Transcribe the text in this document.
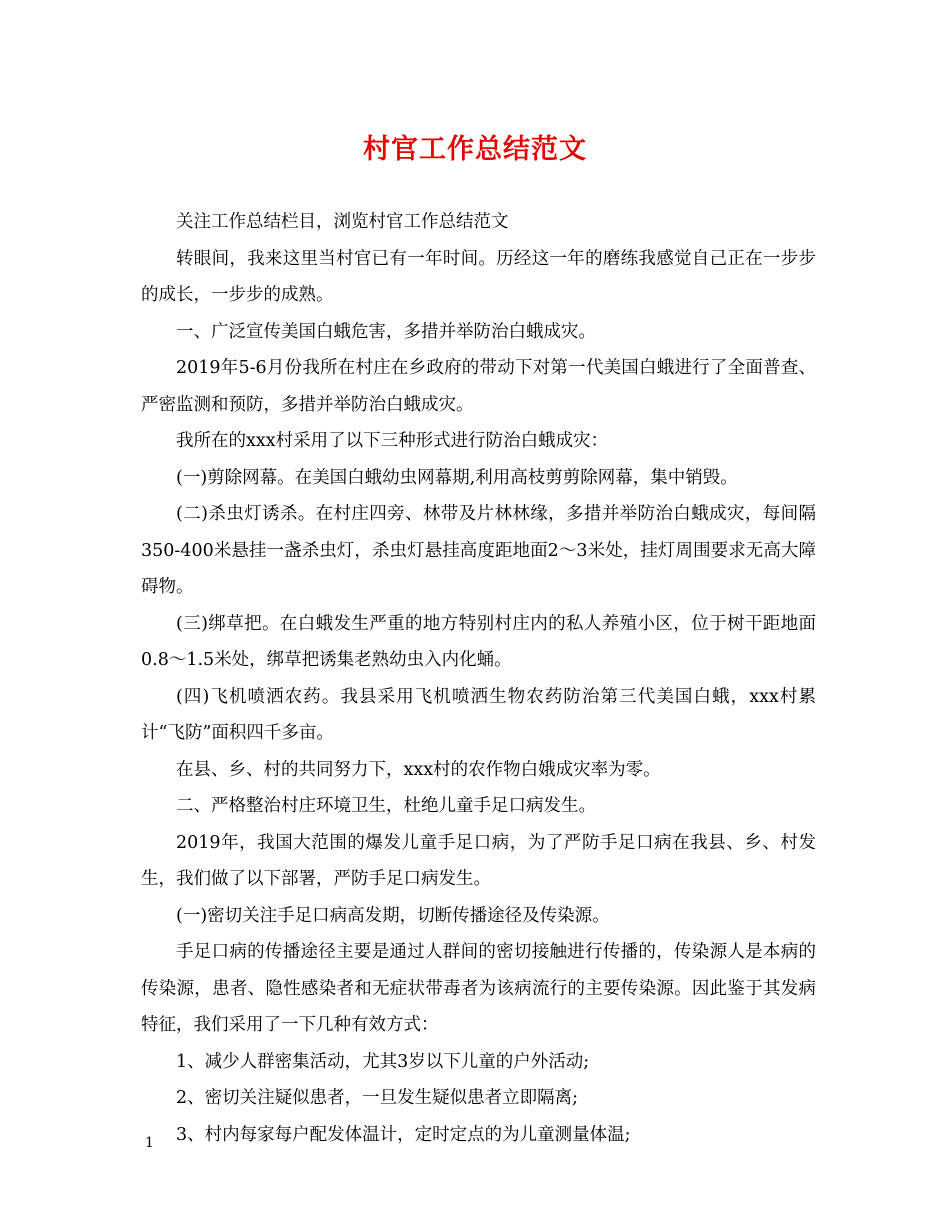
村官工作总结范文

关注工作总结栏目，浏览村官工作总结范文

转眼间，我来这里当村官已有一年时间。历经这一年的磨练我感觉自己正在一步步的成长，一步步的成熟。

一、广泛宣传美国白蛾危害，多措并举防治白蛾成灾。

2019年5-6月份我所在村庄在乡政府的带动下对第一代美国白蛾进行了全面普查、严密监测和预防，多措并举防治白蛾成灾。

我所在的xxx村采用了以下三种形式进行防治白蛾成灾：

(一)剪除网幕。在美国白蛾幼虫网幕期,利用高枝剪剪除网幕，集中销毁。

(二)杀虫灯诱杀。在村庄四旁、林带及片林林缘，多措并举防治白蛾成灾，每间隔350-400米悬挂一盏杀虫灯，杀虫灯悬挂高度距地面2～3米处，挂灯周围要求无高大障碍物。

(三)绑草把。在白蛾发生严重的地方特别村庄内的私人养殖小区，位于树干距地面0.8～1.5米处，绑草把诱集老熟幼虫入内化蛹。

(四)飞机喷洒农药。我县采用飞机喷洒生物农药防治第三代美国白蛾，xxx村累计“飞防”面积四千多亩。

在县、乡、村的共同努力下，xxx村的农作物白娥成灾率为零。

二、严格整治村庄环境卫生，杜绝儿童手足口病发生。

2019年，我国大范围的爆发儿童手足口病，为了严防手足口病在我县、乡、村发生，我们做了以下部署，严防手足口病发生。

(一)密切关注手足口病高发期，切断传播途径及传染源。

手足口病的传播途径主要是通过人群间的密切接触进行传播的，传染源人是本病的传染源，患者、隐性感染者和无症状带毒者为该病流行的主要传染源。因此鉴于其发病特征，我们采用了一下几种有效方式：

1、减少人群密集活动，尤其3岁以下儿童的户外活动;

2、密切关注疑似患者，一旦发生疑似患者立即隔离;

3、村内每家每户配发体温计，定时定点的为儿童测量体温;

1
